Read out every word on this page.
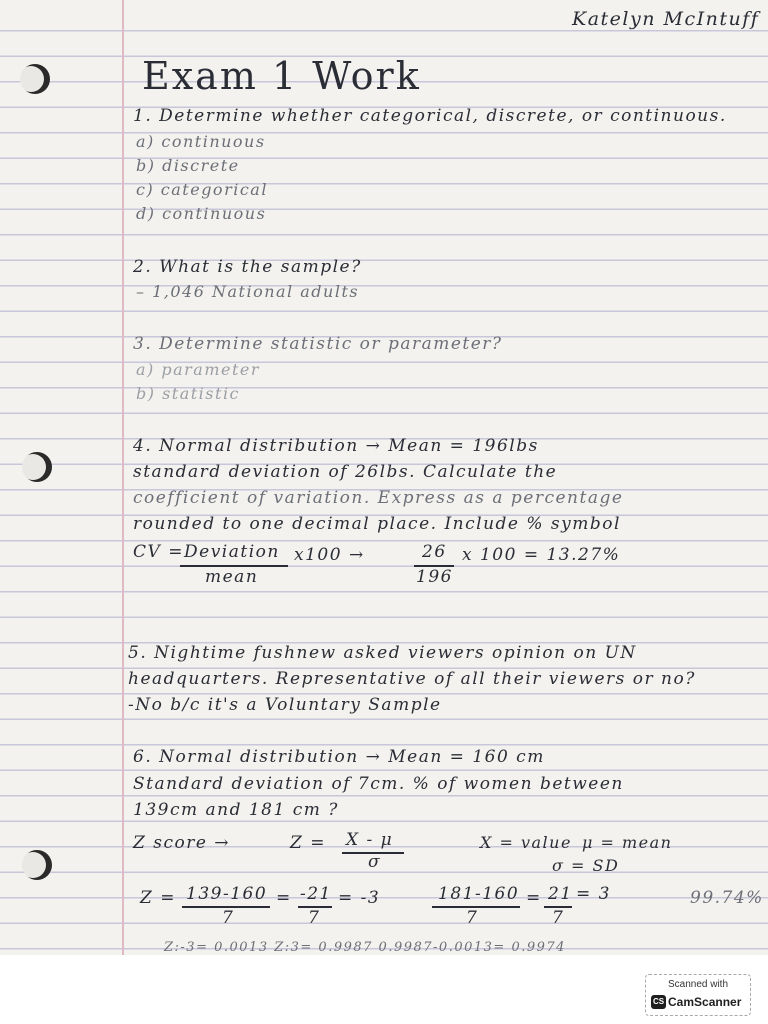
Katelyn McIntuff
Exam 1 Work
1. Determine whether categorical, discrete, or continuous.
a) continuous
b) discrete
c) categorical
d) continuous
2. What is the sample?
– 1,046 National adults
3. Determine statistic or parameter?
a) parameter
b) statistic
4. Normal distribution → Mean = 196lbs
standard deviation of 26lbs. Calculate the
coefficient of variation. Express as a percentage
rounded to one decimal place. Include % symbol
CV = Deviation
mean
x100 →	26
196
x 100 = 13.27%
5. Nightime fushnew asked viewers opinion on UN
headquarters. Representative of all their viewers or no?
-No b/c it's a Voluntary Sample
6. Normal distribution → Mean = 160 cm
Standard deviation of 7cm. % of women between
139cm and 181 cm ?
Z score →	Z = X - μ
σ
X = value μ = mean
σ = SD
Z = 139-160
7
= -21
7
= -3	181-160
7
= 21
7
= 3	99.74%
Z:-3= 0.0013 Z:3= 0.9987 0.9987-0.0013= 0.9974
Scanned with
CS CamScanner
